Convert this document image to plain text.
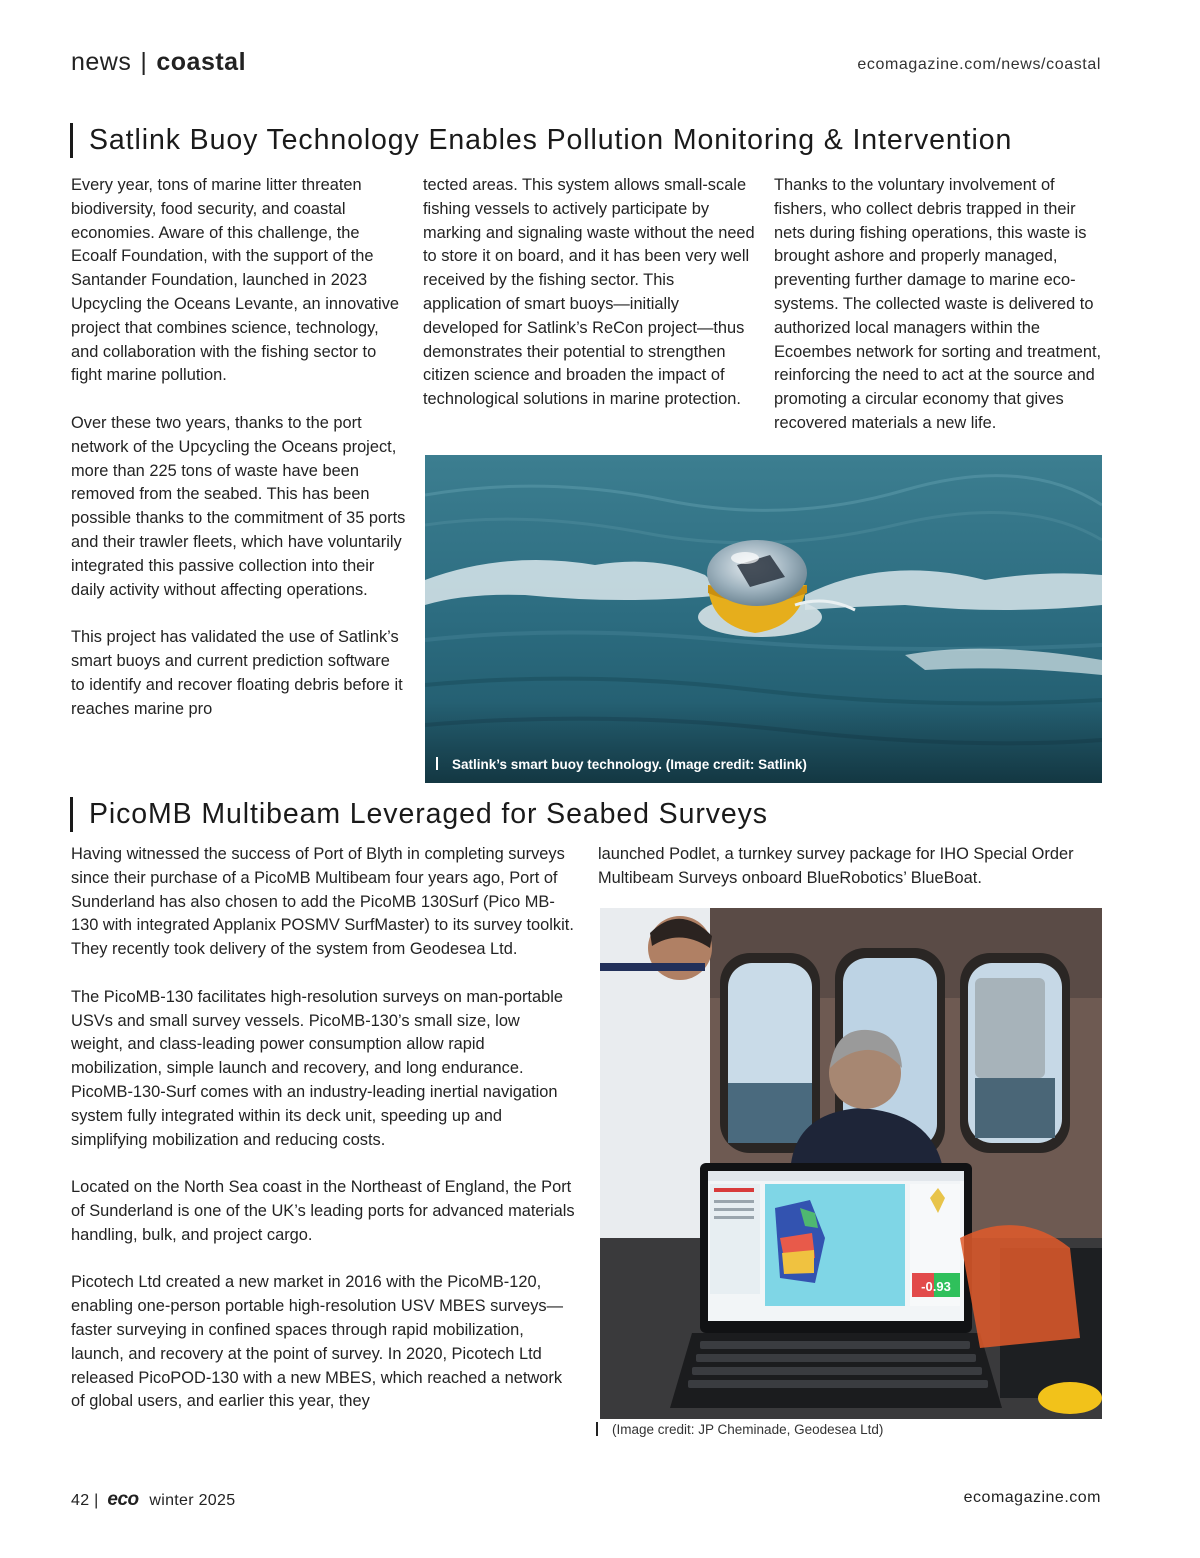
news | coastal	ecomagazine.com/news/coastal
Satlink Buoy Technology Enables Pollution Monitoring & Intervention

Every year, tons of marine litter threaten biodiversity, food security, and coastal economies. Aware of this challenge, the Ecoalf Foundation, with the support of the Santander Foundation, launched in 2023 Upcycling the Oceans Levante, an innovative project that combines science, technology, and collaboration with the fishing sector to fight marine pollution.

Over these two years, thanks to the port network of the Upcycling the Oceans project, more than 225 tons of waste have been removed from the seabed. This has been possible thanks to the commitment of 35 ports and their trawler fleets, which have voluntarily integrated this passive collection into their daily activity without affecting operations.

This project has validated the use of Satlink’s smart buoys and current prediction software to identify and recover floating debris before it reaches marine pro

tected areas. This system allows small-scale fishing vessels to actively participate by marking and signaling waste without the need to store it on board, and it has been very well received by the fishing sector. This application of smart buoys—initially developed for Satlink’s ReCon project—thus demonstrates their potential to strengthen citizen science and broaden the impact of technological solutions in marine protection.

Thanks to the voluntary involvement of fishers, who collect debris trapped in their nets during fishing operations, this waste is brought ashore and properly managed, preventing further damage to marine ecosystems. The collected waste is delivered to authorized local managers within the Ecoembes network for sorting and treatment, reinforcing the need to act at the source and promoting a circular economy that gives recovered materials a new life.

Satlink’s smart buoy technology. (Image credit: Satlink)
PicoMB Multibeam Leveraged for Seabed Surveys

Having witnessed the success of Port of Blyth in completing surveys since their purchase of a PicoMB Multibeam four years ago, Port of Sunderland has also chosen to add the PicoMB 130Surf (Pico MB-130 with integrated Applanix POSMV SurfMaster) to its survey toolkit. They recently took delivery of the system from Geodesea Ltd.

The PicoMB-130 facilitates high-resolution surveys on man-portable USVs and small survey vessels. PicoMB-130’s small size, low weight, and class-leading power consumption allow rapid mobilization, simple launch and recovery, and long endurance. PicoMB-130-Surf comes with an industry-leading inertial navigation system fully integrated within its deck unit, speeding up and simplifying mobilization and reducing costs.

Located on the North Sea coast in the Northeast of England, the Port of Sunderland is one of the UK’s leading ports for advanced materials handling, bulk, and project cargo.

Picotech Ltd created a new market in 2016 with the PicoMB-120, enabling one-person portable high-resolution USV MBES surveys—faster surveying in confined spaces through rapid mobilization, launch, and recovery at the point of survey. In 2020, Picotech Ltd released PicoPOD-130 with a new MBES, which reached a network of global users, and earlier this year, they

launched Podlet, a turnkey survey package for IHO Special Order Multibeam Surveys onboard BlueRobotics’ BlueBoat.

-0.93
(Image credit: JP Cheminade, Geodesea Ltd)
42 | eco winter 2025	ecomagazine.com
